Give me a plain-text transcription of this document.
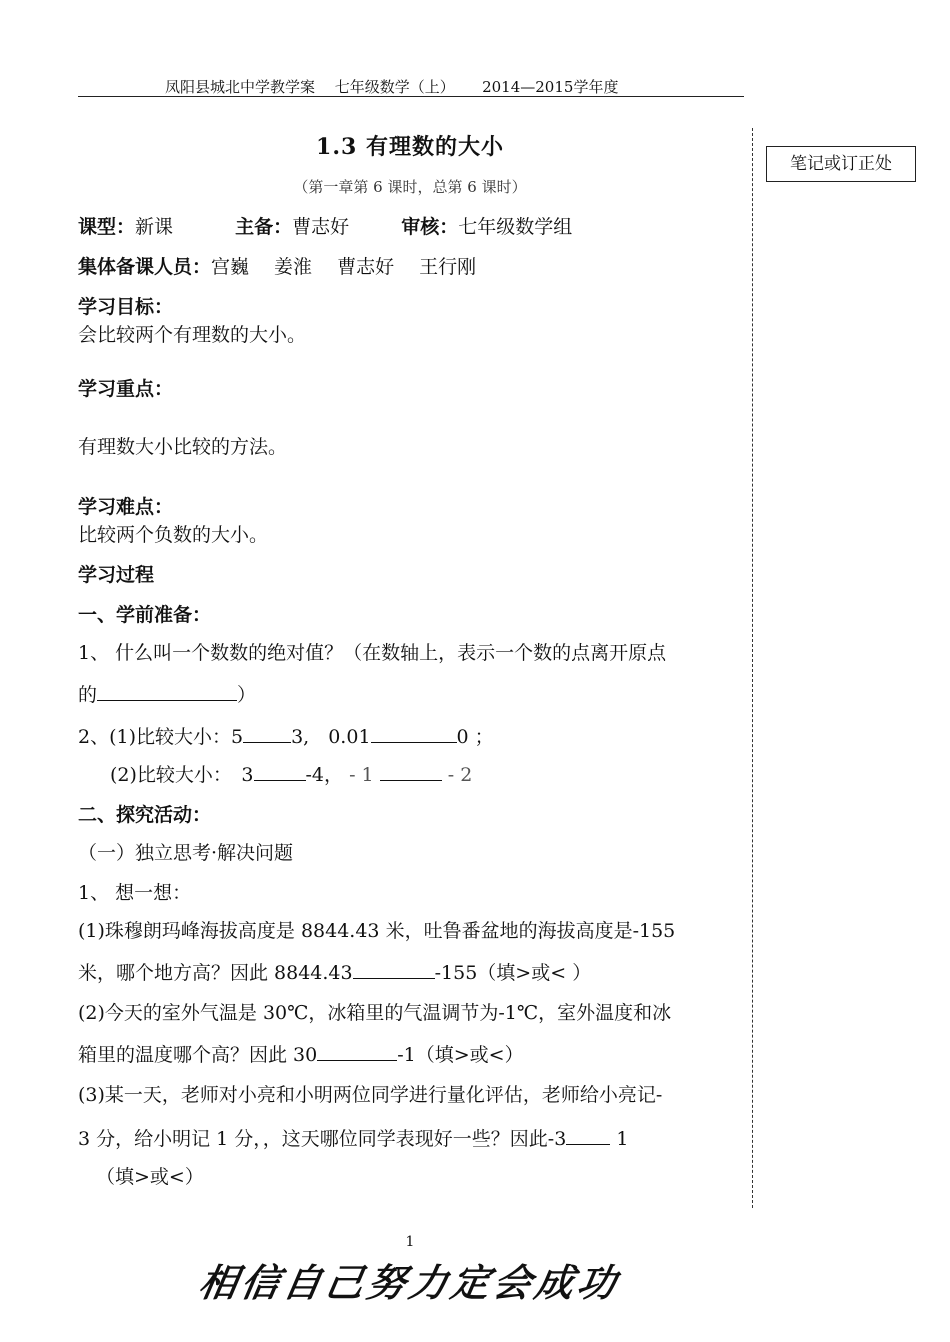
凤阳县城北中学教学案　 七年级数学（上）　　 2014—2015学年度
笔记或订正处
1.3 有理数的大小
（第一章第 6 课时，总第 6 课时）
课型：新课	主备：曹志好	审核：七年级数学组
集体备课人员：宫巍　 姜淮　 曹志好　 王行刚
学习目标：
会比较两个有理数的大小。
学习重点：
有理数大小比较的方法。
学习难点：
比较两个负数的大小。
学习过程
一、学前准备：
1、 什么叫一个数数的绝对值？（在数轴上，表示一个数的点离开原点
的	）
2、(1)比较大小：5	3,　0.01	0 ；
(2)比较大小：　3	-4， - 1	- 2
二、探究活动：
（一）独立思考·解决问题
1、 想一想：
(1)珠穆朗玛峰海拔高度是 8844.43 米，吐鲁番盆地的海拔高度是-155
米，哪个地方高？因此 8844.43	-155（填>或< ）
(2)今天的室外气温是 30℃，冰箱里的气温调节为-1℃，室外温度和冰
箱里的温度哪个高？因此 30	-1（填>或<）
(3)某一天，老师对小亮和小明两位同学进行量化评估，老师给小亮记-
3 分，给小明记 1 分，，这天哪位同学表现好一些？因此-3 1
（填>或<）
1
相信自己努力定会成功
